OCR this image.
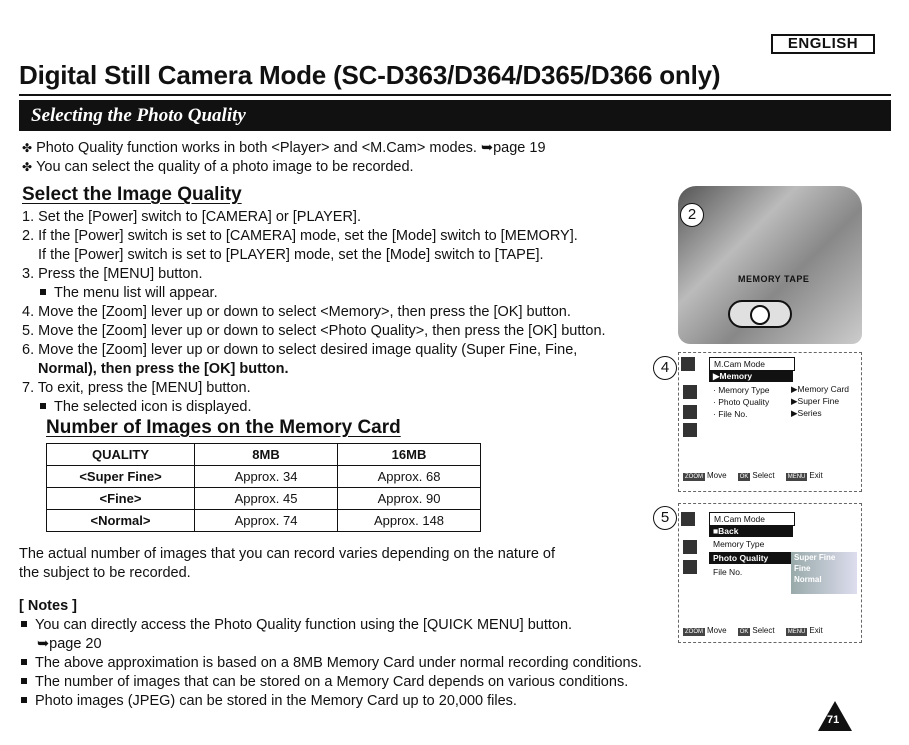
ENGLISH
Digital Still Camera Mode (SC-D363/D364/D365/D366 only)
Selecting the Photo Quality
✤ Photo Quality function works in both <Player> and <M.Cam> modes. ➥page 19
✤ You can select the quality of a photo image to be recorded.
Select the Image Quality
1. Set the [Power] switch to [CAMERA] or [PLAYER].
2. If the [Power] switch is set to [CAMERA] mode, set the [Mode] switch to [MEMORY].
If the [Power] switch is set to [PLAYER] mode, set the [Mode] switch to [TAPE].
3. Press the [MENU] button.
The menu list will appear.
4. Move the [Zoom] lever up or down to select <Memory>, then press the [OK] button.
5. Move the [Zoom] lever up or down to select <Photo Quality>, then press the [OK] button.
6. Move the [Zoom] lever up or down to select desired image quality (Super Fine, Fine,
Normal), then press the [OK] button.
7. To exit, press the [MENU] button.
The selected icon is displayed.
Number of Images on the Memory Card
QUALITY	8MB	16MB
<Super Fine>	Approx. 34	Approx. 68
<Fine>	Approx. 45	Approx. 90
<Normal>	Approx. 74	Approx. 148
The actual number of images that you can record varies depending on the nature of
the subject to be recorded.
[ Notes ]
You can directly access the Photo Quality function using the [QUICK MENU] button.
➥page 20
The above approximation is based on a 8MB Memory Card under normal recording conditions.
The number of images that can be stored on a Memory Card depends on various conditions.
Photo images (JPEG) can be stored in the Memory Card up to 20,000 files.
MEMORY TAPE
2
4	M.Cam Mode
▶Memory
· Memory Type
· Photo Quality
· File No.
▶Memory Card
▶Super Fine
▶Series
ZOOM Move OK Select MENU Exit
5	M.Cam Mode
■Back
Memory Type
Photo Quality
File No.
Super Fine
Fine
Normal
ZOOM Move OK Select MENU Exit
71
